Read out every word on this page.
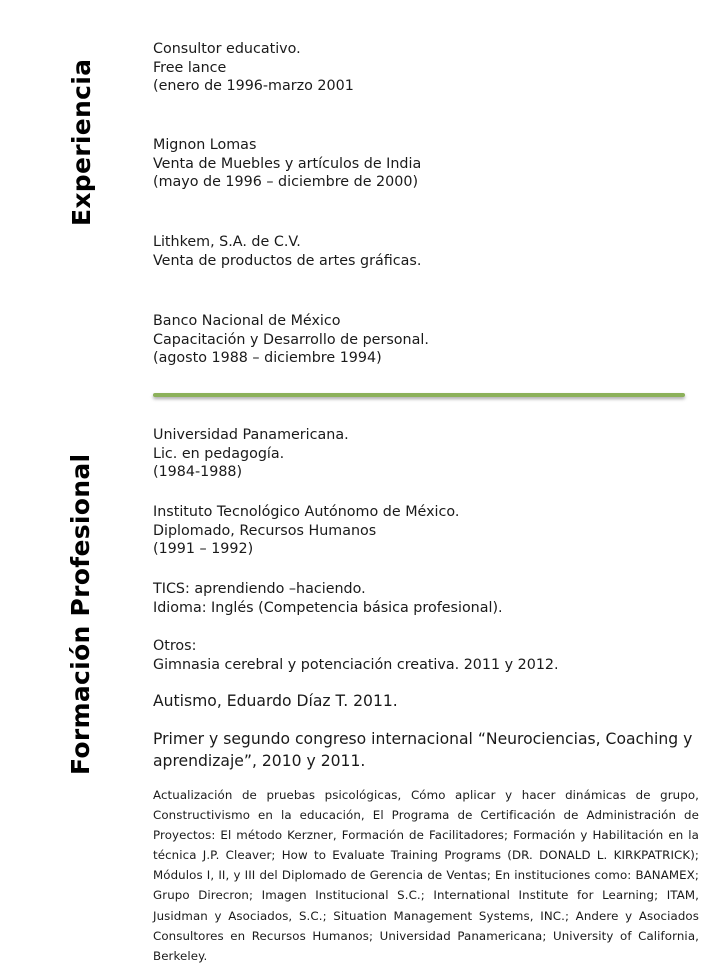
Experiencia
Formación Profesional
Consultor educativo.
Free lance
(enero de 1996-marzo 2001
Mignon Lomas
Venta de Muebles y artículos de India
(mayo de 1996 – diciembre de 2000)
Lithkem, S.A. de C.V.
Venta de productos de artes gráficas.
Banco Nacional de México
Capacitación y Desarrollo de personal.
(agosto 1988 – diciembre 1994)
Universidad Panamericana.
Lic. en pedagogía.
(1984-1988)
Instituto Tecnológico Autónomo de México.
Diplomado, Recursos Humanos
(1991 – 1992)
TICS: aprendiendo –haciendo.
Idioma: Inglés (Competencia básica profesional).
Otros:
Gimnasia cerebral y potenciación creativa. 2011 y 2012.
Autismo, Eduardo Díaz T. 2011.
Primer y segundo congreso internacional “Neurociencias, Coaching y aprendizaje”, 2010 y 2011.
Actualización de pruebas psicológicas, Cómo aplicar y hacer dinámicas de grupo, Constructivismo en la educación, El Programa de Certificación de Administración de Proyectos: El método Kerzner, Formación de Facilitadores; Formación y Habilitación en la técnica J.P. Cleaver; How to Evaluate Training Programs (DR. DONALD L. KIRKPATRICK); Módulos I, II, y III del Diplomado de Gerencia de Ventas; En instituciones como: BANAMEX; Grupo Direcron; Imagen Institucional S.C.; International Institute for Learning; ITAM, Jusidman y Asociados, S.C.; Situation Management Systems, INC.; Andere y Asociados Consultores en Recursos Humanos; Universidad Panamericana; University of California, Berkeley.
